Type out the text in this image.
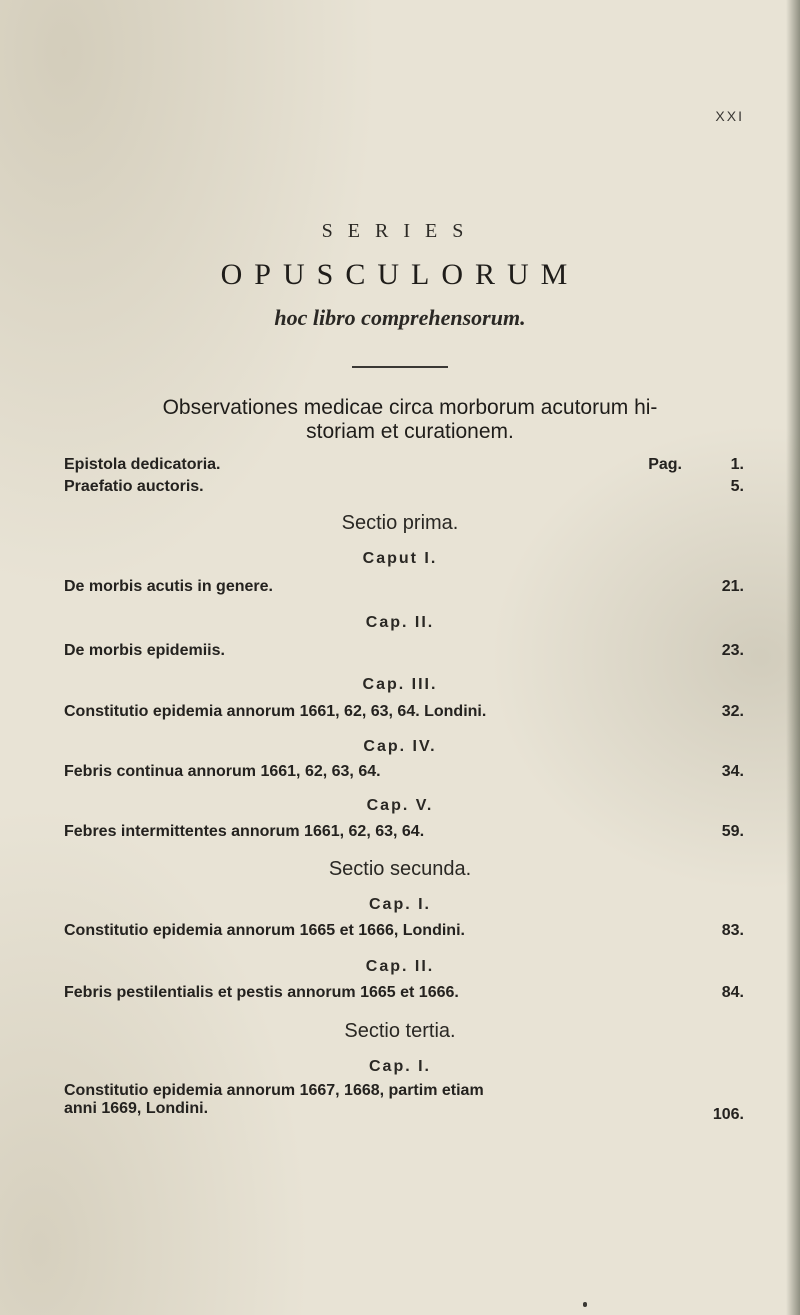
XXI
SERIES
OPUSCULORUM
hoc libro comprehensorum.
Observationes medicae circa morborum acutorum hi-
storiam et curationem.
Epistola dedicatoria.	Pag.	1.
Praefatio auctoris.	5.
Sectio prima.
Caput I.
De morbis acutis in genere.	21.
Cap. II.
De morbis epidemiis.	23.
Cap. III.
Constitutio epidemia annorum 1661, 62, 63, 64. Londini.	32.
Cap. IV.
Febris continua annorum 1661, 62, 63, 64.	34.
Cap. V.
Febres intermittentes annorum 1661, 62, 63, 64.	59.
Sectio secunda.
Cap. I.
Constitutio epidemia annorum 1665 et 1666, Londini.	83.
Cap. II.
Febris pestilentialis et pestis annorum 1665 et 1666.	84.
Sectio tertia.
Cap. I.
Constitutio epidemia annorum 1667, 1668, partim etiam
anni 1669, Londini.	106.
